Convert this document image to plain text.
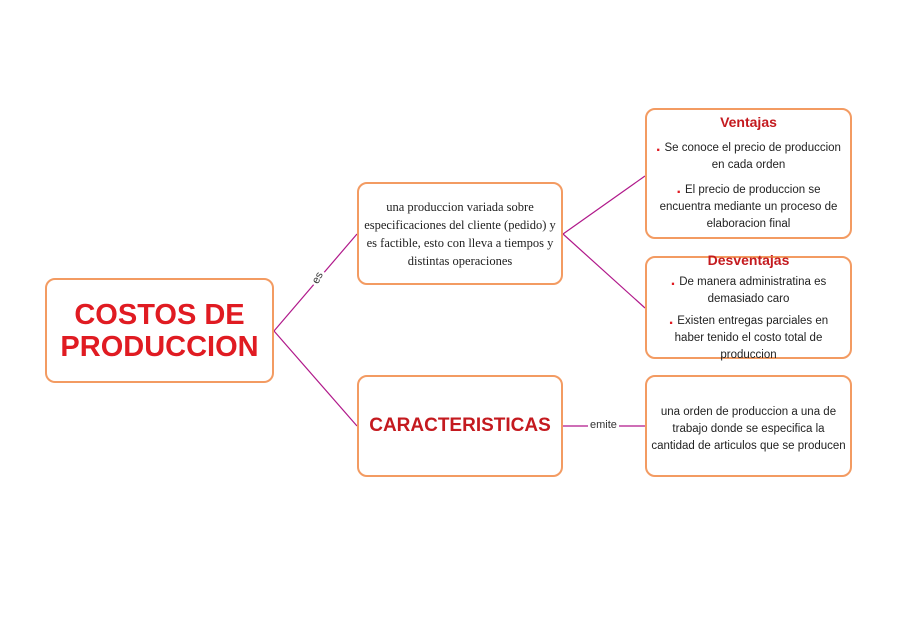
COSTOS DE
PRODUCCION
es
una produccion variada sobre especificaciones del cliente (pedido) y es factible, esto con lleva a tiempos y distintas operaciones
CARACTERISTICAS	emite
Ventajas
. Se conoce el precio de produccion en cada orden
. El precio de produccion se encuentra mediante un proceso de elaboracion final
Desventajas
. De manera administratina es demasiado caro
. Existen entregas parciales en haber tenido el costo total de produccion
una orden de produccion a una de trabajo donde se especifica la cantidad de articulos que se producen
